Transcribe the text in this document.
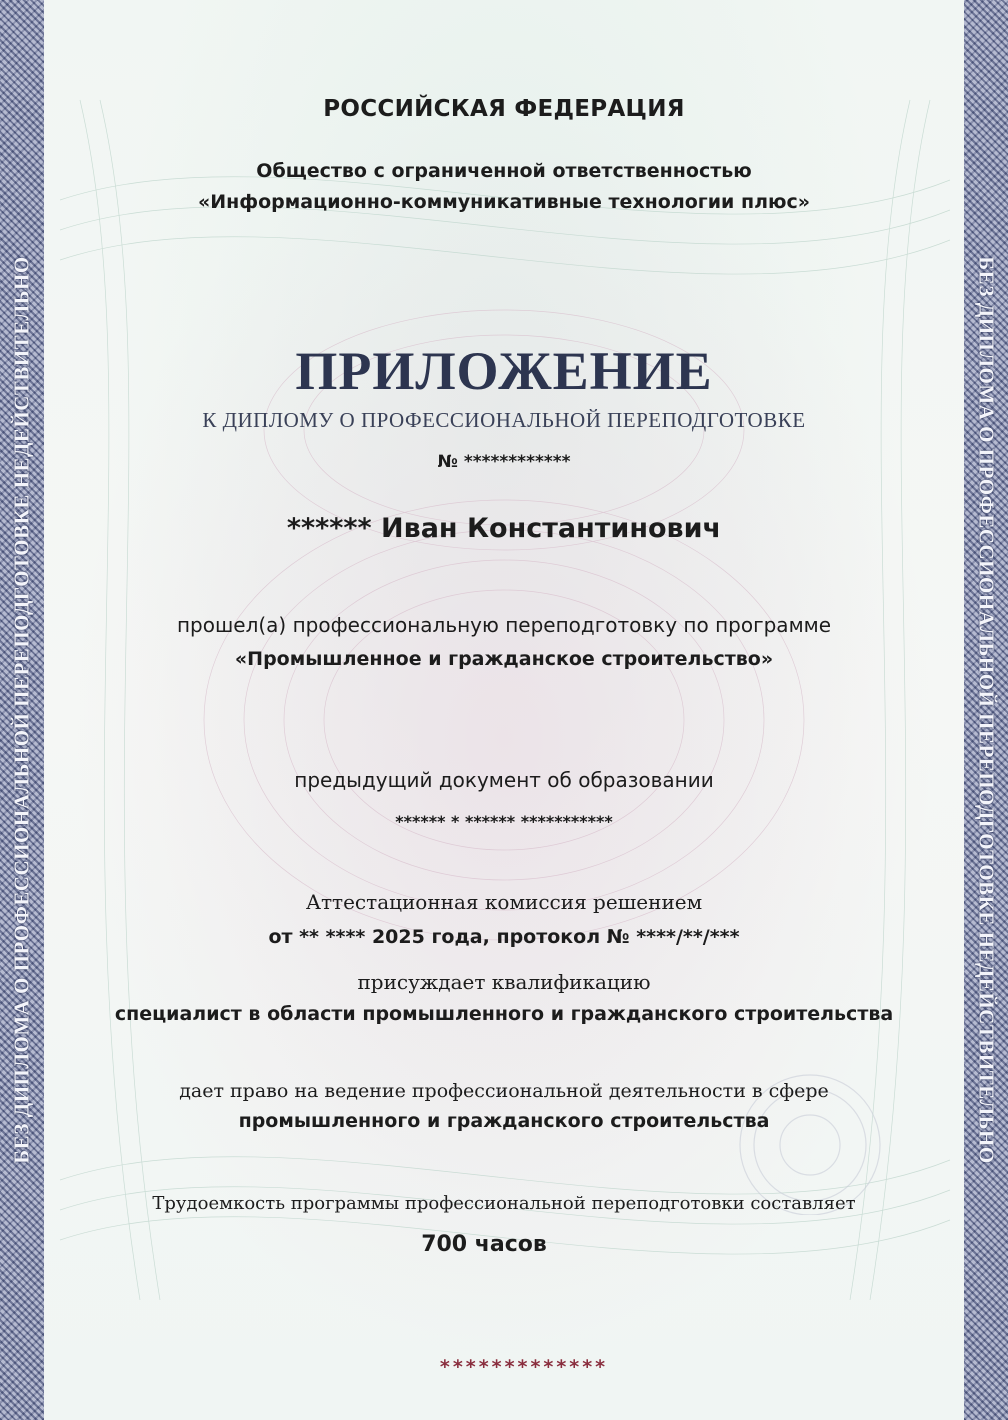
БЕЗ ДИПЛОМА О ПРОФЕССИОНАЛЬНОЙ ПЕРЕПОДГОТОВКЕ НЕДЕЙСТВИТЕЛЬНО	БЕЗ ДИПЛОМА О ПРОФЕССИОНАЛЬНОЙ ПЕРЕПОДГОТОВКЕ НЕДЕЙСТВИТЕЛЬНО

РОССИЙСКАЯ ФЕДЕРАЦИЯ

Общество с ограниченной ответственностью

«Информационно-коммуникативные технологии плюс»

ПРИЛОЖЕНИЕ

К ДИПЛОМУ О ПРОФЕССИОНАЛЬНОЙ ПЕРЕПОДГОТОВКЕ

№ ************

****** Иван Константинович

прошел(а) профессиональную переподготовку по программе

«Промышленное и гражданское строительство»

предыдущий документ об образовании

****** * ****** ***********

Аттестационная комиссия решением

от ** **** 2025 года, протокол № ****/**/***

присуждает квалификацию

специалист в области промышленного и гражданского строительства

дает право на ведение профессиональной деятельности в сфере

промышленного и гражданского строительства

Трудоемкость программы профессиональной переподготовки составляет

700 часов

*************
